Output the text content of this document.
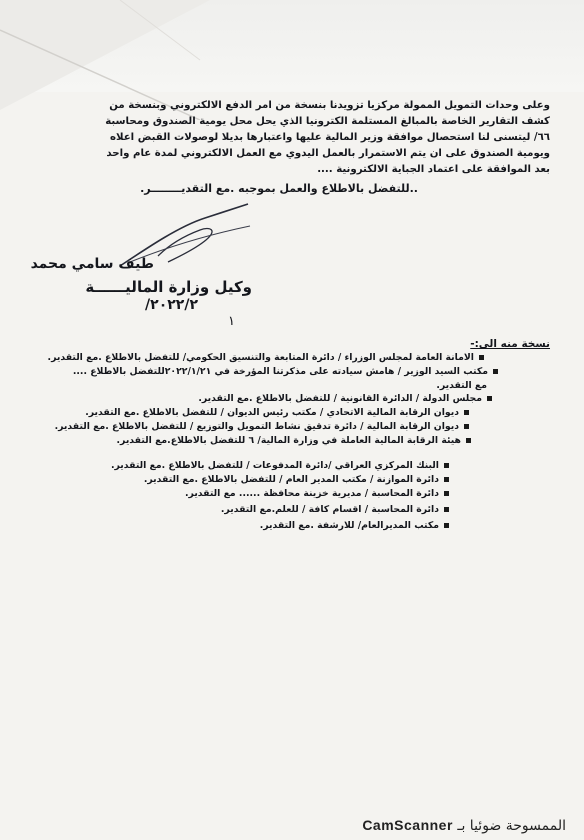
وعلى وحدات التمويل الممولة مركزيا تزويدنا بنسخة من امر الدفع الالكتروني وبنسخة من
كشف التقارير الخاصة بالمبالغ المستلمة الكترونيا الذي يحل محل يومية الصندوق ومحاسبة
٦٦/ ليتسنى لنا استحصال موافقة وزير المالية عليها واعتبارها بديلا لوصولات القبض اعلاه
ويومية الصندوق على ان يتم الاستمرار بالعمل اليدوي مع العمل الالكتروني لمدة عام واحد
بعد الموافقة على اعتماد الجباية الالكترونية ....
..للتفضل بالاطلاع والعمل بموجبه .مع التقديــــــــر.
طيف سامي محمد
وكيل وزارة الماليــــــة
٢٠٢٢/٢/
١
نسخة منه الى:-
الامانة العامة لمجلس الوزراء / دائرة المتابعة والتنسيق الحكومي/ للتفضل بالاطلاع .مع التقدير.
مكتب السيد الوزير / هامش سيادته على مذكرتنا المؤرخة في ٢٠٢٢/١/٢١للتفضل بالاطلاع ....
مع التقدير.
مجلس الدولة / الدائرة القانونية / للتفضل بالاطلاع .مع التقدير.
ديوان الرقابة المالية الاتحادي / مكتب رئيس الديوان / للتفضل بالاطلاع .مع التقدير.
ديوان الرقابة المالية / دائرة تدقيق نشاط التمويل والتوزيع / للتفضل بالاطلاع .مع التقدير.
هيئة الرقابة المالية العاملة في وزارة المالية/ ٦ للتفضل بالاطلاع.مع التقدير.
البنك المركزي العراقي /دائرة المدفوعات / للتفضل بالاطلاع .مع التقدير.
دائرة الموازنة / مكتب المدير العام / للتفضل بالاطلاع .مع التقدير.
دائرة المحاسبة / مديرية خزينة محافظة ...... مع التقدير.
دائرة المحاسبة / اقسام كافة / للعلم.مع التقدير.
مكتب المديرالعام/ للارشفة .مع التقدير.
الممسوحة ضوئيا بـ CamScanner
